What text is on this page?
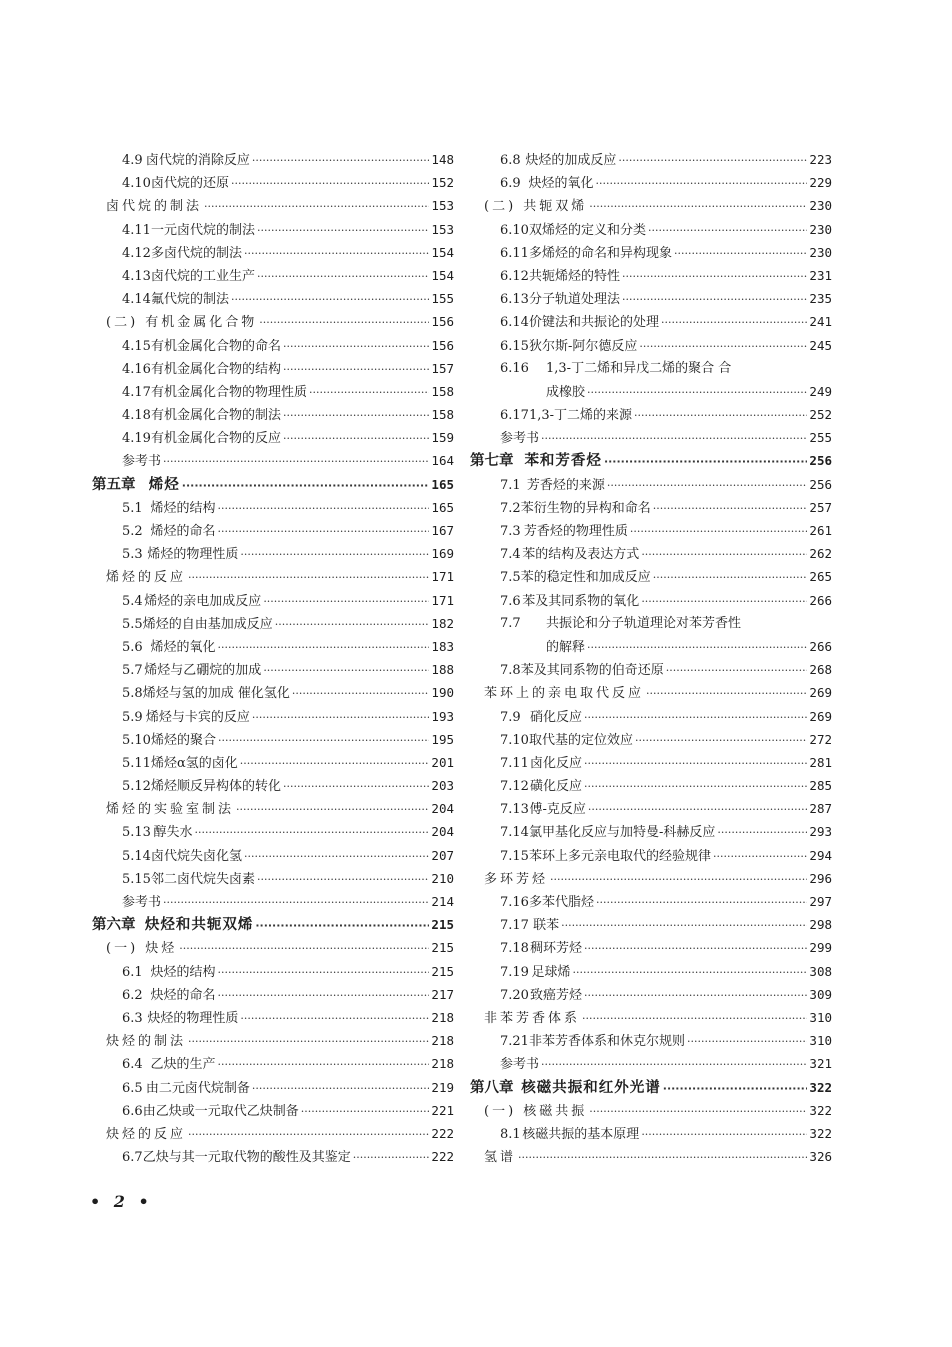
4.9 卤代烷的消除反应 ·····	148
4.10 卤代烷的还原 ·····	152
卤代烷的制法 ·····	153
4.11 一元卤代烷的制法 ·····	153
4.12 多卤代烷的制法 ·····	154
4.13 卤代烷的工业生产 ·····	154
4.14 氟代烷的制法 ·····	155
(二) 有机金属化合物 ·····	156
4.15 有机金属化合物的命名 ·····	156
4.16 有机金属化合物的结构 ·····	157
4.17 有机金属化合物的物理性质 ·····	158
4.18 有机金属化合物的制法 ·····	158
4.19 有机金属化合物的反应 ·····	159
参考书 ·····	164
第五章 烯烃 ·····	165
5.1 烯烃的结构 ·····	165
5.2 烯烃的命名 ·····	167
5.3 烯烃的物理性质 ·····	169
烯烃的反应 ·····	171
5.4 烯烃的亲电加成反应 ·····	171
5.5 烯烃的自由基加成反应 ·····	182
5.6 烯烃的氧化 ·····	183
5.7 烯烃与乙硼烷的加成 ·····	188
5.8 烯烃与氢的加成 催化氢化 ·····	190
5.9 烯烃与卡宾的反应 ·····	193
5.10 烯烃的聚合 ·····	195
5.11 烯烃α氢的卤化 ·····	201
5.12 烯烃顺反异构体的转化 ·····	203
烯烃的实验室制法 ·····	204
5.13 醇失水 ·····	204
5.14 卤代烷失卤化氢 ·····	207
5.15 邻二卤代烷失卤素 ·····	210
参考书 ·····	214
第六章 炔烃和共轭双烯 ·····	215
(一) 炔烃 ·····	215
6.1 炔烃的结构 ·····	215
6.2 炔烃的命名 ·····	217
6.3 炔烃的物理性质 ·····	218
炔烃的制法 ·····	218
6.4 乙炔的生产 ·····	218
6.5 由二元卤代烷制备 ·····	219
6.6 由乙炔或一元取代乙炔制备 ·····	221
炔烃的反应 ·····	222
6.7 乙炔与其一元取代物的酸性及其鉴定 ·····	222
6.8 炔烃的加成反应 ·····	223
6.9 炔烃的氧化 ·····	229
(二) 共轭双烯 ·····	230
6.10 双烯烃的定义和分类 ·····	230
6.11 多烯烃的命名和异构现象 ·····	230
6.12 共轭烯烃的特性 ·····	231
6.13 分子轨道处理法 ·····	235
6.14 价键法和共振论的处理 ·····	241
6.15 狄尔斯-阿尔德反应 ·····	245
6.16	1,3-丁二烯和异戊二烯的聚合 合
成橡胶 ·····	249
6.17 1,3-丁二烯的来源 ·····	252
参考书 ·····	255
第七章 苯和芳香烃 ·····	256
7.1 芳香烃的来源 ·····	256
7.2 苯衍生物的异构和命名 ·····	257
7.3 芳香烃的物理性质 ·····	261
7.4 苯的结构及表达方式 ·····	262
7.5 苯的稳定性和加成反应 ·····	265
7.6 苯及其同系物的氧化 ·····	266
7.7	共振论和分子轨道理论对苯芳香性
的解释 ·····	266
7.8 苯及其同系物的伯奇还原 ·····	268
苯环上的亲电取代反应 ·····	269
7.9 硝化反应 ·····	269
7.10 取代基的定位效应 ·····	272
7.11 卤化反应 ·····	281
7.12 磺化反应 ·····	285
7.13 傅-克反应 ·····	287
7.14 氯甲基化反应与加特曼-科赫反应 ·····	293
7.15 苯环上多元亲电取代的经验规律 ·····	294
多环芳烃 ·····	296
7.16 多苯代脂烃 ·····	297
7.17 联苯 ·····	298
7.18 稠环芳烃 ·····	299
7.19 足球烯 ·····	308
7.20 致癌芳烃 ·····	309
非苯芳香体系 ·····	310
7.21 非苯芳香体系和休克尔规则 ·····	310
参考书 ·····	321
第八章 核磁共振和红外光谱 ·····	322
(一) 核磁共振 ·····	322
8.1 核磁共振的基本原理 ·····	322
氢谱 ·····	326
• 2 •
